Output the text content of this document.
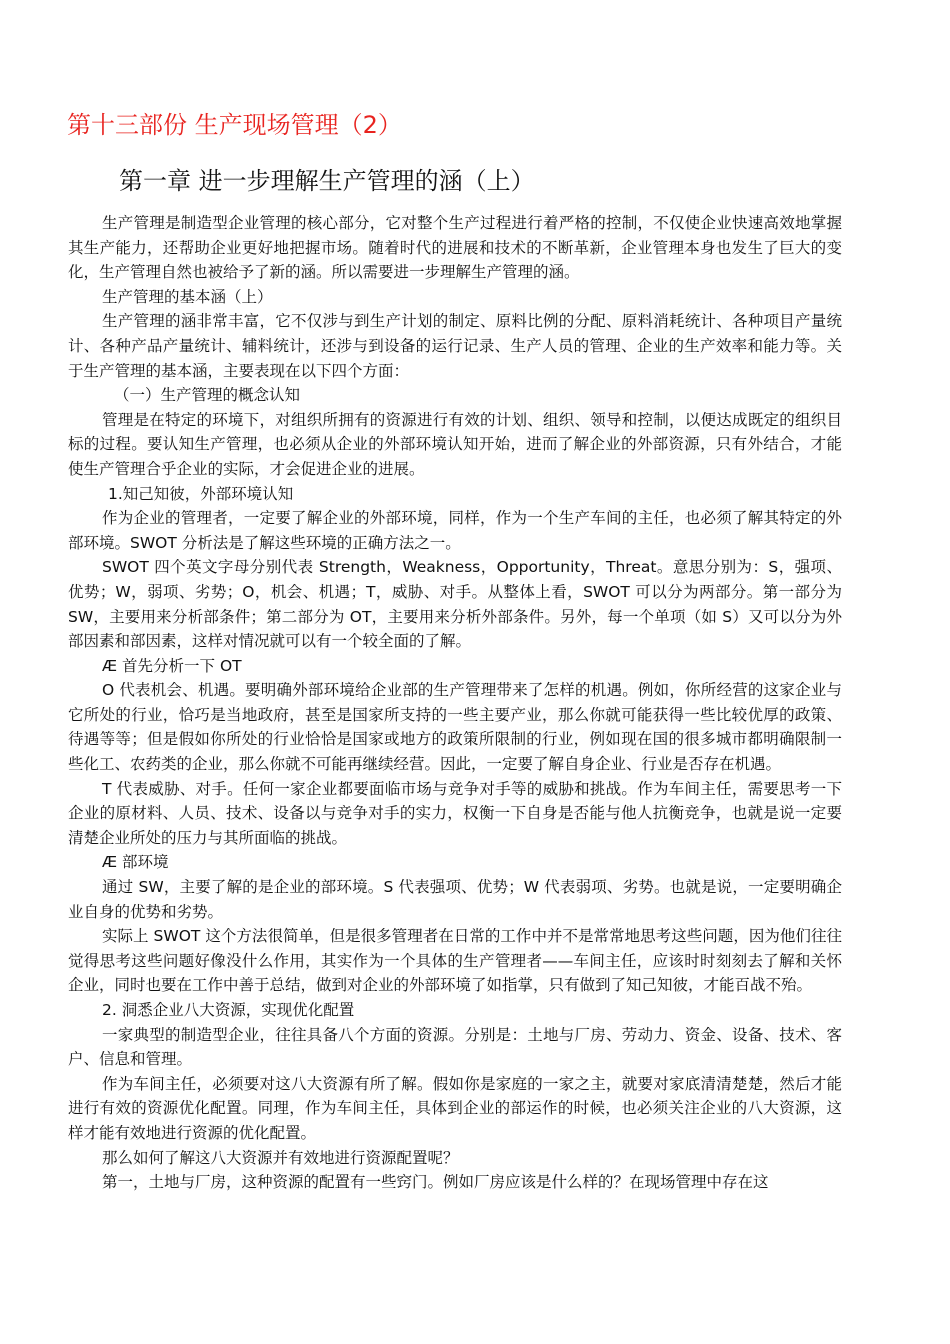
第十三部份 生产现场管理（2）
第一章 进一步理解生产管理的涵（上）

生产管理是制造型企业管理的核心部分，它对整个生产过程进行着严格的控制，不仅使企业快速高效地掌握其生产能力，还帮助企业更好地把握市场。随着时代的进展和技术的不断革新，企业管理本身也发生了巨大的变化，生产管理自然也被给予了新的涵。所以需要进一步理解生产管理的涵。

生产管理的基本涵（上）

生产管理的涵非常丰富，它不仅涉与到生产计划的制定、原料比例的分配、原料消耗统计、各种项目产量统计、各种产品产量统计、辅料统计，还涉与到设备的运行记录、生产人员的管理、企业的生产效率和能力等。关于生产管理的基本涵，主要表现在以下四个方面：

（一）生产管理的概念认知

管理是在特定的环境下，对组织所拥有的资源进行有效的计划、组织、领导和控制，以便达成既定的组织目标的过程。要认知生产管理，也必须从企业的外部环境认知开始，进而了解企业的外部资源，只有外结合，才能使生产管理合乎企业的实际，才会促进企业的进展。

1.知己知彼，外部环境认知

作为企业的管理者，一定要了解企业的外部环境，同样，作为一个生产车间的主任，也必须了解其特定的外部环境。SWOT 分析法是了解这些环境的正确方法之一。

SWOT 四个英文字母分别代表 Strength，Weakness，Opportunity，Threat。意思分别为：S，强项、优势；W，弱项、劣势；O，机会、机遇；T，威胁、对手。从整体上看，SWOT 可以分为两部分。第一部分为 SW，主要用来分析部条件；第二部分为 OT，主要用来分析外部条件。另外，每一个单项（如 S）又可以分为外部因素和部因素，这样对情况就可以有一个较全面的了解。

Æ 首先分析一下 OT

O 代表机会、机遇。要明确外部环境给企业部的生产管理带来了怎样的机遇。例如，你所经营的这家企业与它所处的行业，恰巧是当地政府，甚至是国家所支持的一些主要产业，那么你就可能获得一些比较优厚的政策、待遇等等；但是假如你所处的行业恰恰是国家或地方的政策所限制的行业，例如现在国的很多城市都明确限制一些化工、农药类的企业，那么你就不可能再继续经营。因此，一定要了解自身企业、行业是否存在机遇。

T 代表威胁、对手。任何一家企业都要面临市场与竞争对手等的威胁和挑战。作为车间主任，需要思考一下企业的原材料、人员、技术、设备以与竞争对手的实力，权衡一下自身是否能与他人抗衡竞争，也就是说一定要清楚企业所处的压力与其所面临的挑战。

Æ 部环境

通过 SW，主要了解的是企业的部环境。S 代表强项、优势；W 代表弱项、劣势。也就是说，一定要明确企业自身的优势和劣势。

实际上 SWOT 这个方法很简单，但是很多管理者在日常的工作中并不是常常地思考这些问题，因为他们往往觉得思考这些问题好像没什么作用，其实作为一个具体的生产管理者——车间主任，应该时时刻刻去了解和关怀企业，同时也要在工作中善于总结，做到对企业的外部环境了如指掌，只有做到了知己知彼，才能百战不殆。

2. 洞悉企业八大资源，实现优化配置

一家典型的制造型企业，往往具备八个方面的资源。分别是：土地与厂房、劳动力、资金、设备、技术、客户、信息和管理。

作为车间主任，必须要对这八大资源有所了解。假如你是家庭的一家之主，就要对家底清清楚楚，然后才能进行有效的资源优化配置。同理，作为车间主任，具体到企业的部运作的时候，也必须关注企业的八大资源，这样才能有效地进行资源的优化配置。

那么如何了解这八大资源并有效地进行资源配置呢？

第一，土地与厂房，这种资源的配置有一些窍门。例如厂房应该是什么样的？在现场管理中存在这
